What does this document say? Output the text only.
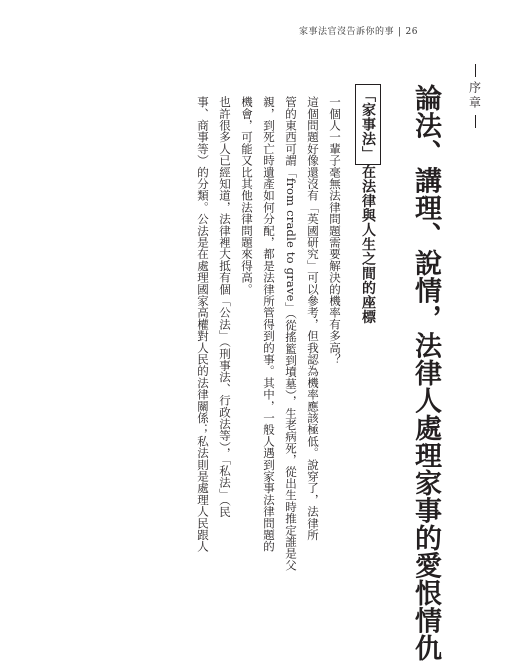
家事法官沒告訴你的事 | 26
序章
論法、講理、說情，法律人處理家事的愛恨情仇
「家事法」在法律與人生之間的座標

一個人一輩子毫無法律問題需要解決的機率有多高？

這個問題好像還沒有「英國研究」可以參考，但我認為機率應該極低。說穿了，法律所

管的東西可謂「from cradle to grave」（從搖籃到墳墓），生老病死，從出生時推定誰是父

親，到死亡時遺產如何分配，都是法律所管得到的事。其中，一般人遇到家事法律問題的

機會，可能又比其他法律問題來得高。

也許很多人已經知道，法律裡大抵有個「公法」（刑事法、行政法等），「私法」（民

事、商事等）的分類。公法是在處理國家高權對人民的法律關係；私法則是處理人民跟人
